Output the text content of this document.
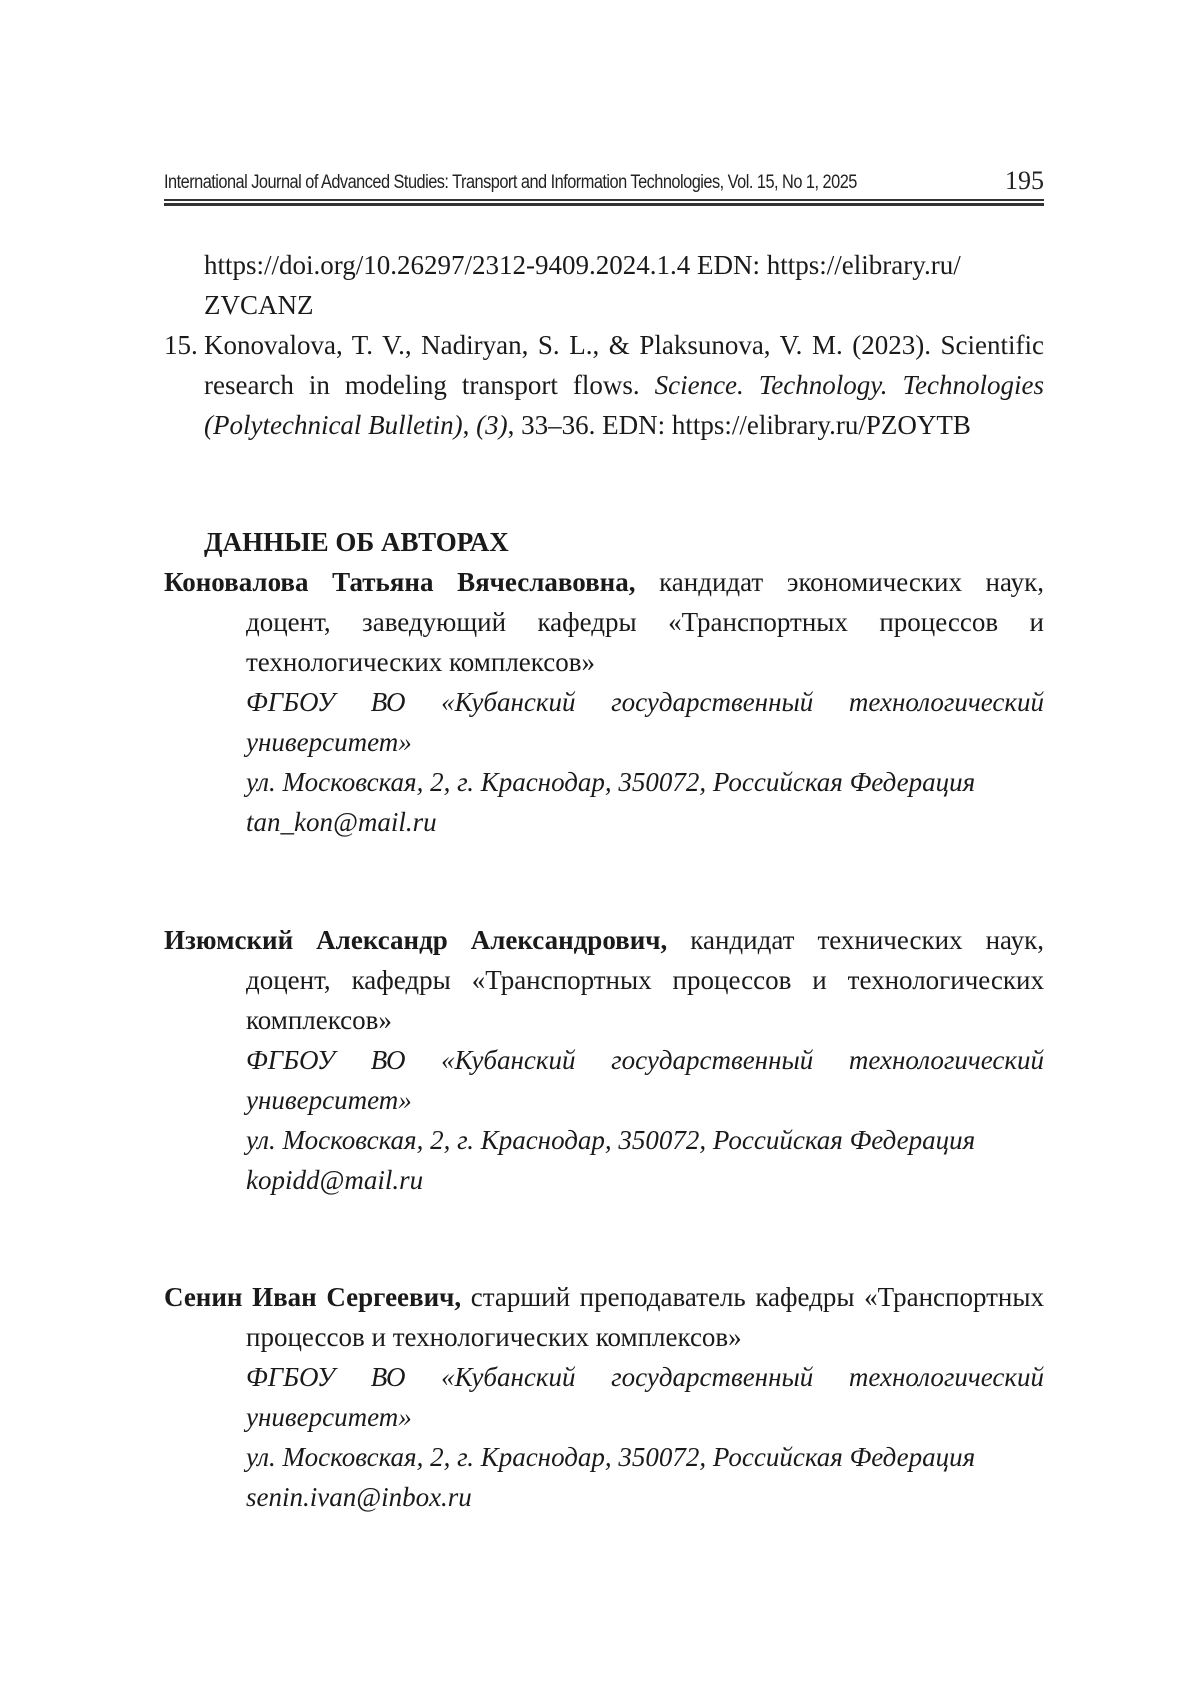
International Journal of Advanced Studies: Transport and Information Technologies, Vol. 15, No 1, 2025	195
https://doi.org/10.26297/2312-9409.2024.1.4 EDN: https://elibrary.ru/
ZVCANZ
15. Konovalova, T. V., Nadiryan, S. L., & Plaksunova, V. M. (2023). Scientific research in modeling transport flows. Science. Technology. Technologies (Polytechnical Bulletin), (3), 33–36. EDN: https://elibrary.ru/PZOYTB
ДАННЫЕ ОБ АВТОРАХ
Коновалова Татьяна Вячеславовна, кандидат экономических наук, доцент, заведующий кафедры «Транспортных процессов и технологических комплексов»
ФГБОУ ВО «Кубанский государственный технологический университет»
ул. Московская, 2, г. Краснодар, 350072, Российская Федерация
tan_kon@mail.ru
Изюмский Александр Александрович, кандидат технических наук, доцент, кафедры «Транспортных процессов и технологических комплексов»
ФГБОУ ВО «Кубанский государственный технологический университет»
ул. Московская, 2, г. Краснодар, 350072, Российская Федерация
kopidd@mail.ru
Сенин Иван Сергеевич, старший преподаватель кафедры «Транспортных процессов и технологических комплексов»
ФГБОУ ВО «Кубанский государственный технологический университет»
ул. Московская, 2, г. Краснодар, 350072, Российская Федерация
senin.ivan@inbox.ru
